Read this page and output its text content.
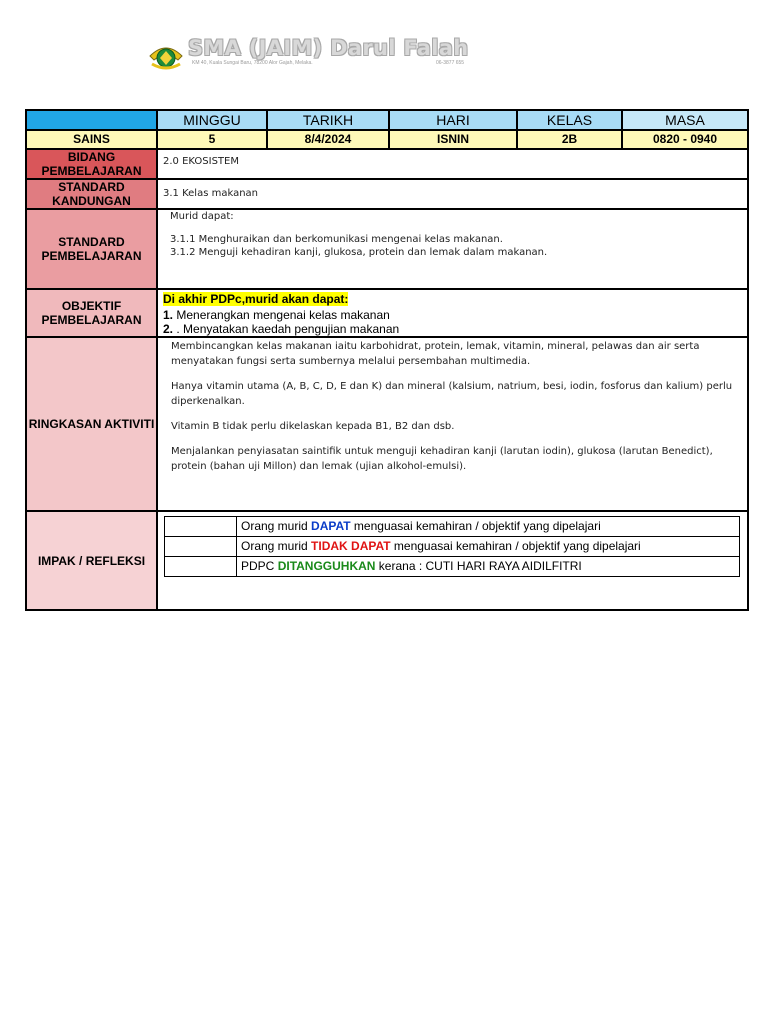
SMA (JAIM) Darul Falah
KM 40, Kuala Sungai Baru, 78200 Alor Gajah, Melaka.	06-3877 655
	MINGGU	TARIKH	HARI	KELAS	MASA
SAINS	5	8/4/2024	ISNIN	2B	0820 - 0940
BIDANG PEMBELAJARAN	
2.0 EKOSISTEM

STANDARD KANDUNGAN	
3.1 Kelas makanan

STANDARD PEMBELAJARAN	
Murid dapat:
3.1.1 Menghuraikan dan berkomunikasi mengenai kelas makanan.
3.1.2 Menguji kehadiran kanji, glukosa, protein dan lemak dalam makanan.

OBJEKTIF PEMBELAJARAN	
Di akhir PDPc,murid akan dapat:
1. Menerangkan mengenai kelas makanan
2. . Menyatakan kaedah pengujian makanan

RINGKASAN AKTIVITI	

Membincangkan kelas makanan iaitu karbohidrat, protein, lemak, vitamin, mineral, pelawas dan air serta menyatakan fungsi serta sumbernya melalui persembahan multimedia.

Hanya vitamin utama (A, B, C, D, E dan K) dan mineral (kalsium, natrium, besi, iodin, fosforus dan kalium) perlu diperkenalkan.

Vitamin B tidak perlu dikelaskan kepada B1, B2 dan dsb.

Menjalankan penyiasatan saintifik untuk menguji kehadiran kanji (larutan iodin), glukosa (larutan Benedict), protein (bahan uji Millon) dan lemak (ujian alkohol-emulsi).

IMPAK / REFLEKSI	
	Orang murid DAPAT menguasai kemahiran / objektif yang dipelajari
	Orang murid TIDAK DAPAT menguasai kemahiran / objektif yang dipelajari
	PDPC DITANGGUHKAN kerana : CUTI HARI RAYA AIDILFITRI
